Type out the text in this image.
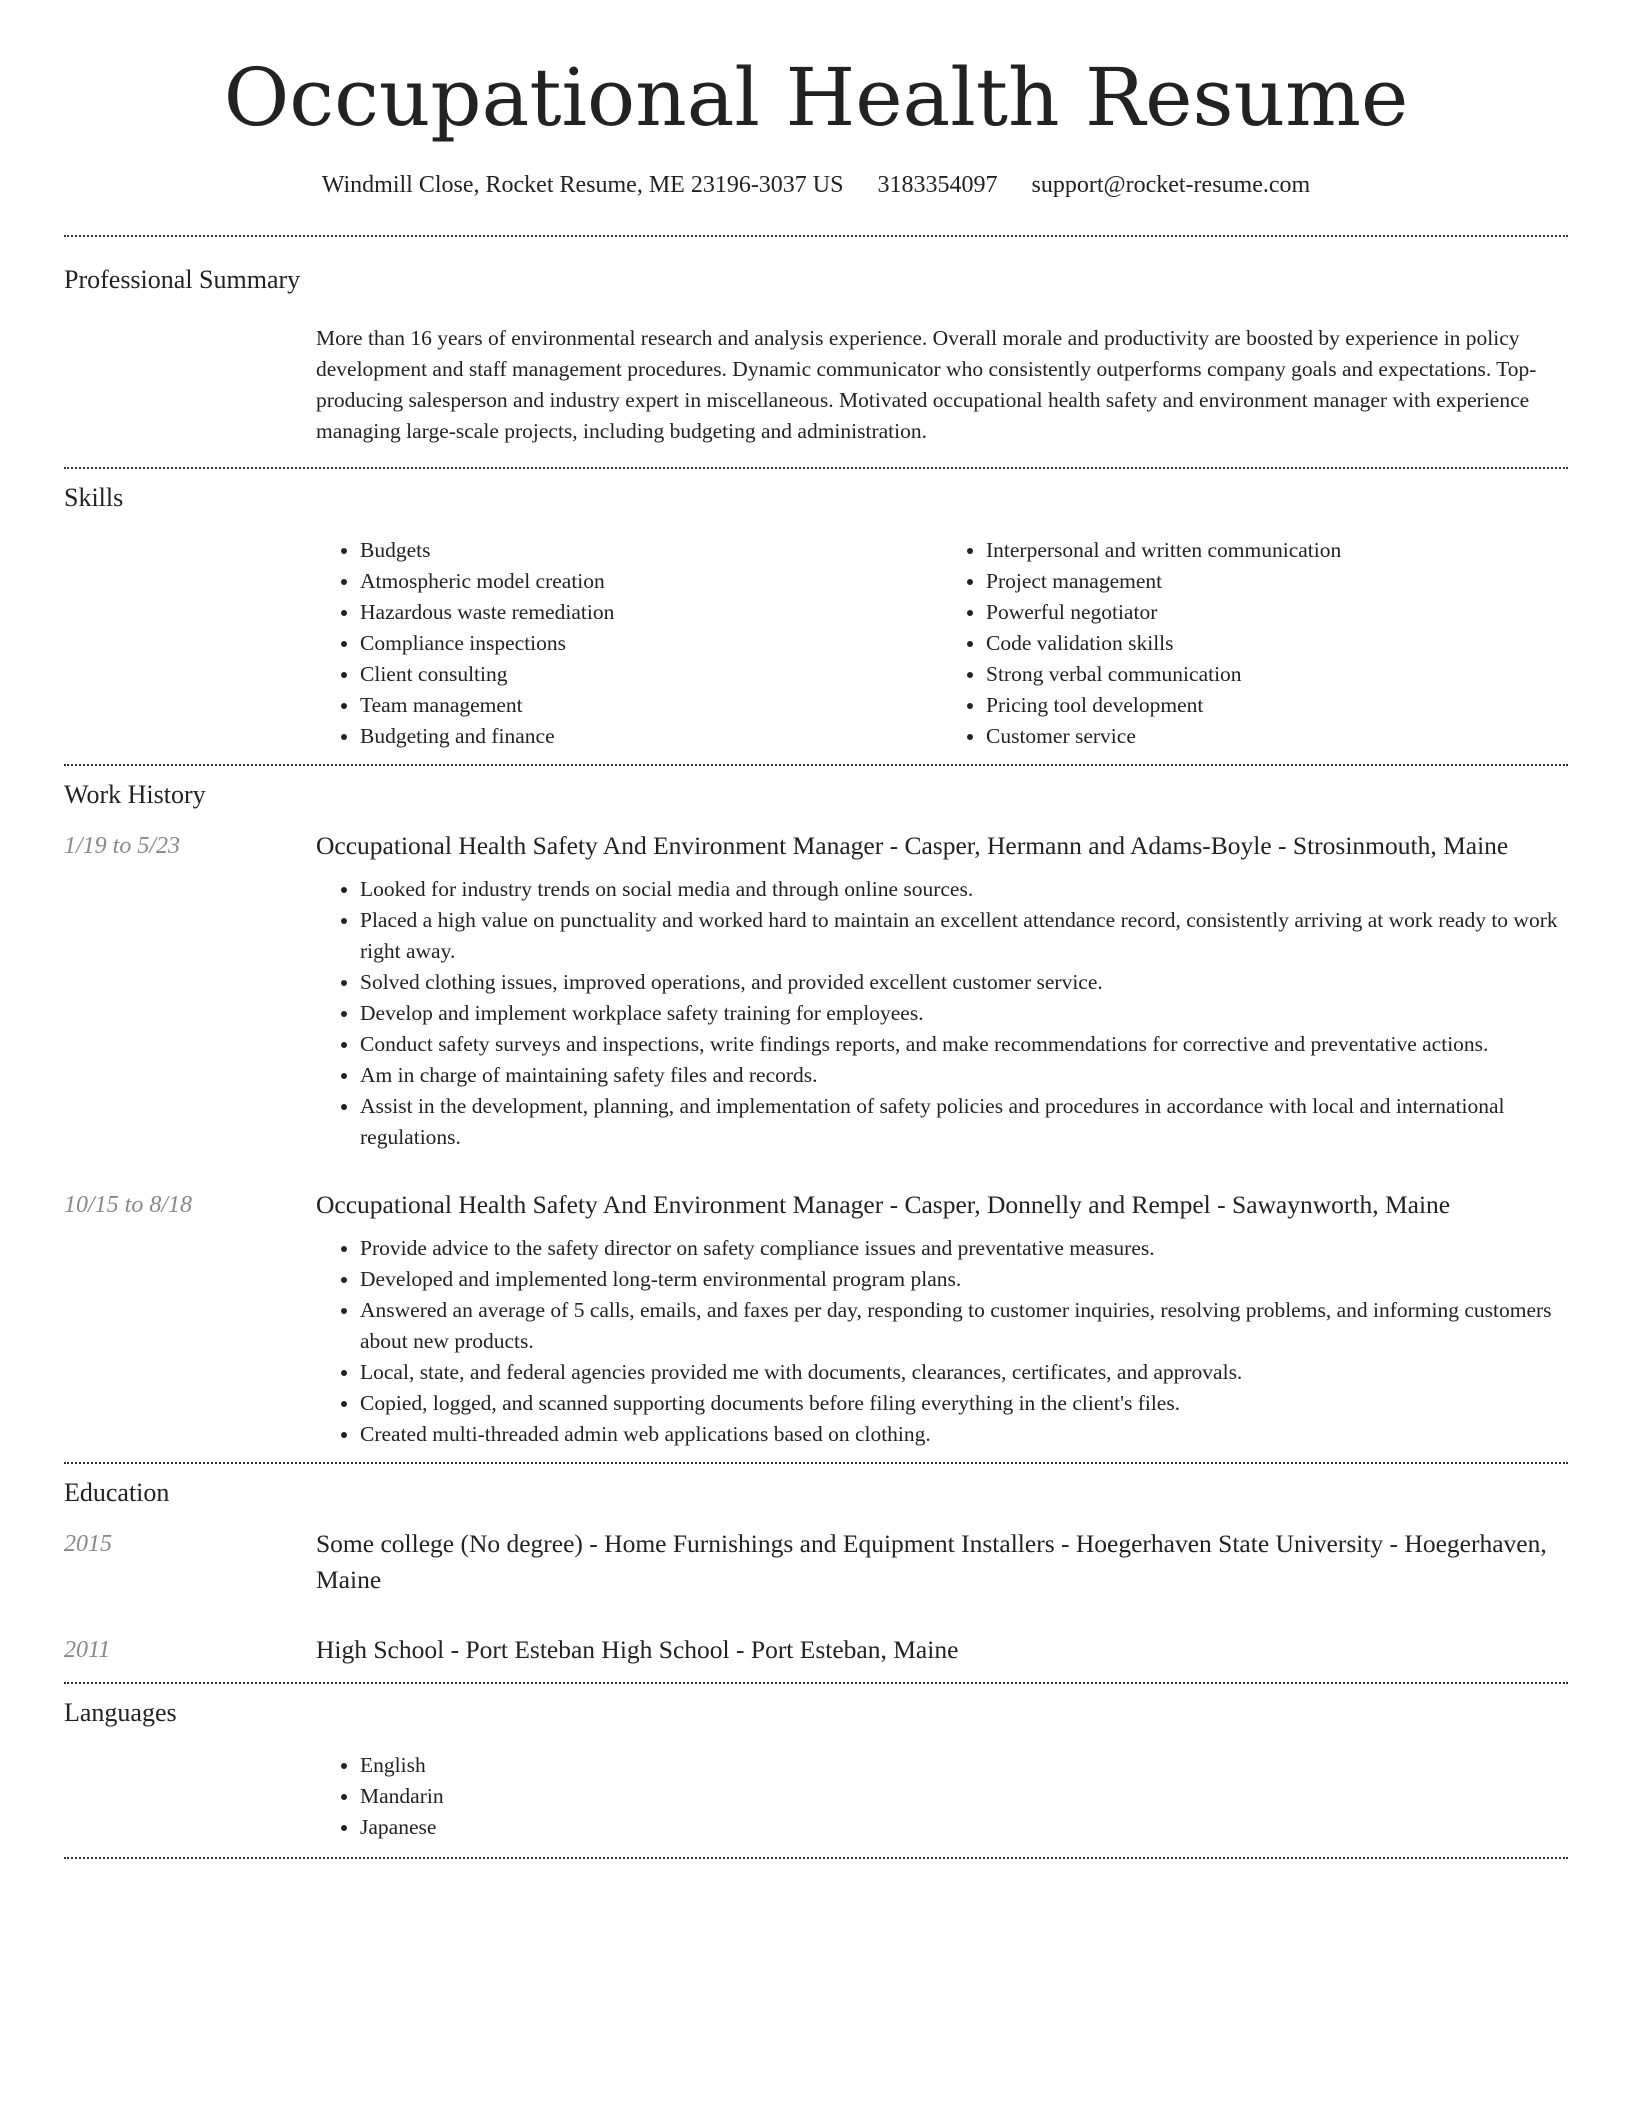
Occupational Health Resume
Windmill Close, Rocket Resume, ME 23196-3037 US 3183354097 support@rocket-resume.com
Professional Summary

More than 16 years of environmental research and analysis experience. Overall morale and productivity are boosted by experience in policy development and staff management procedures. Dynamic communicator who consistently outperforms company goals and expectations. Top-producing salesperson and industry expert in miscellaneous. Motivated occupational health safety and environment manager with experience managing large-scale projects, including budgeting and administration.

Skills
• Budgets
• Atmospheric model creation
• Hazardous waste remediation
• Compliance inspections
• Client consulting
• Team management
• Budgeting and finance
• Interpersonal and written communication
• Project management
• Powerful negotiator
• Code validation skills
• Strong verbal communication
• Pricing tool development
• Customer service
Work History
1/19 to 5/23	Occupational Health Safety And Environment Manager - Casper, Hermann and Adams-Boyle - Strosinmouth, Maine
• Looked for industry trends on social media and through online sources.
• Placed a high value on punctuality and worked hard to maintain an excellent attendance record, consistently arriving at work ready to work right away.
• Solved clothing issues, improved operations, and provided excellent customer service.
• Develop and implement workplace safety training for employees.
• Conduct safety surveys and inspections, write findings reports, and make recommendations for corrective and preventative actions.
• Am in charge of maintaining safety files and records.
• Assist in the development, planning, and implementation of safety policies and procedures in accordance with local and international regulations.
10/15 to 8/18	Occupational Health Safety And Environment Manager - Casper, Donnelly and Rempel - Sawaynworth, Maine
• Provide advice to the safety director on safety compliance issues and preventative measures.
• Developed and implemented long-term environmental program plans.
• Answered an average of 5 calls, emails, and faxes per day, responding to customer inquiries, resolving problems, and informing customers about new products.
• Local, state, and federal agencies provided me with documents, clearances, certificates, and approvals.
• Copied, logged, and scanned supporting documents before filing everything in the client's files.
• Created multi-threaded admin web applications based on clothing.
Education
2015	Some college (No degree) - Home Furnishings and Equipment Installers - Hoegerhaven State University - Hoegerhaven, Maine
2011	High School - Port Esteban High School - Port Esteban, Maine
Languages
• English
• Mandarin
• Japanese
